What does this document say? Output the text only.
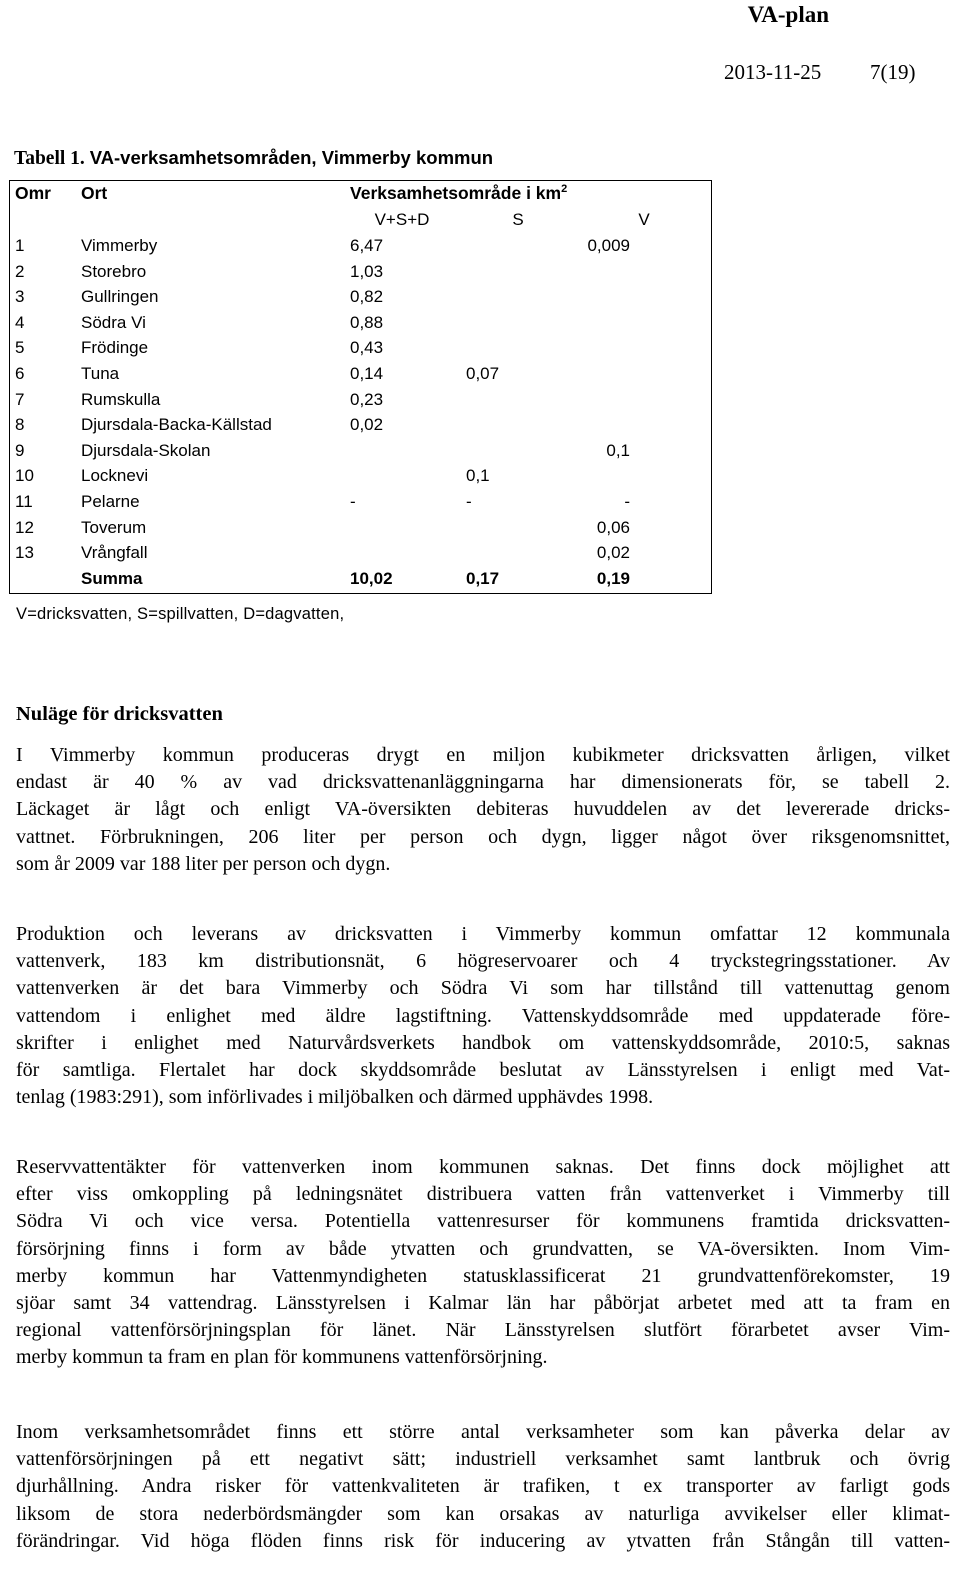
VA-plan
2013-11-25 7(19)
Tabell 1. VA-verksamhetsområden, Vimmerby kommun
Omr	Ort	Verksamhetsområde i $km^2$
		V+S+D	S	V
1	Vimmerby	6,47		0,009
2	Storebro	1,03		
3	Gullringen	0,82		
4	Södra Vi	0,88		
5	Frödinge	0,43		
6	Tuna	0,14	0,07	
7	Rumskulla	0,23		
8	Djursdala-Backa-Källstad	0,02		
9	Djursdala-Skolan			0,1
10	Locknevi		0,1	
11	Pelarne	-	-	-
12	Toverum			0,06
13	Vrångfall			0,02
	Summa	10,02	0,17	0,19
V=dricksvatten, S=spillvatten, D=dagvatten,
Nuläge för dricksvatten
I Vimmerby kommun produceras drygt en miljon kubikmeter dricksvatten årligen, vilket
endast är 40 % av vad dricksvattenanläggningarna har dimensionerats för, se tabell 2.
Läckaget är lågt och enligt VA-översikten debiteras huvuddelen av det levererade dricks-
vattnet. Förbrukningen, 206 liter per person och dygn, ligger något över riksgenomsnittet,
som år 2009 var 188 liter per person och dygn.
Produktion och leverans av dricksvatten i Vimmerby kommun omfattar 12 kommunala
vattenverk, 183 km distributionsnät, 6 högreservoarer och 4 tryckstegringsstationer. Av
vattenverken är det bara Vimmerby och Södra Vi som har tillstånd till vattenuttag genom
vattendom i enlighet med äldre lagstiftning. Vattenskyddsområde med uppdaterade före-
skrifter i enlighet med Naturvårdsverkets handbok om vattenskyddsområde, 2010:5, saknas
för samtliga. Flertalet har dock skyddsområde beslutat av Länsstyrelsen i enligt med Vat-
tenlag (1983:291), som införlivades i miljöbalken och därmed upphävdes 1998.
Reservvattentäkter för vattenverken inom kommunen saknas. Det finns dock möjlighet att
efter viss omkoppling på ledningsnätet distribuera vatten från vattenverket i Vimmerby till
Södra Vi och vice versa. Potentiella vattenresurser för kommunens framtida dricksvatten-
försörjning finns i form av både ytvatten och grundvatten, se VA-översikten. Inom Vim-
merby kommun har Vattenmyndigheten statusklassificerat 21 grundvattenförekomster, 19
sjöar samt 34 vattendrag. Länsstyrelsen i Kalmar län har påbörjat arbetet med att ta fram en
regional vattenförsörjningsplan för länet. När Länsstyrelsen slutfört förarbetet avser Vim-
merby kommun ta fram en plan för kommunens vattenförsörjning.
Inom verksamhetsområdet finns ett större antal verksamheter som kan påverka delar av
vattenförsörjningen på ett negativt sätt; industriell verksamhet samt lantbruk och övrig
djurhållning. Andra risker för vattenkvaliteten är trafiken, t ex transporter av farligt gods
liksom de stora nederbördsmängder som kan orsakas av naturliga avvikelser eller klimat-
förändringar. Vid höga flöden finns risk för inducering av ytvatten från Stångån till vatten-
